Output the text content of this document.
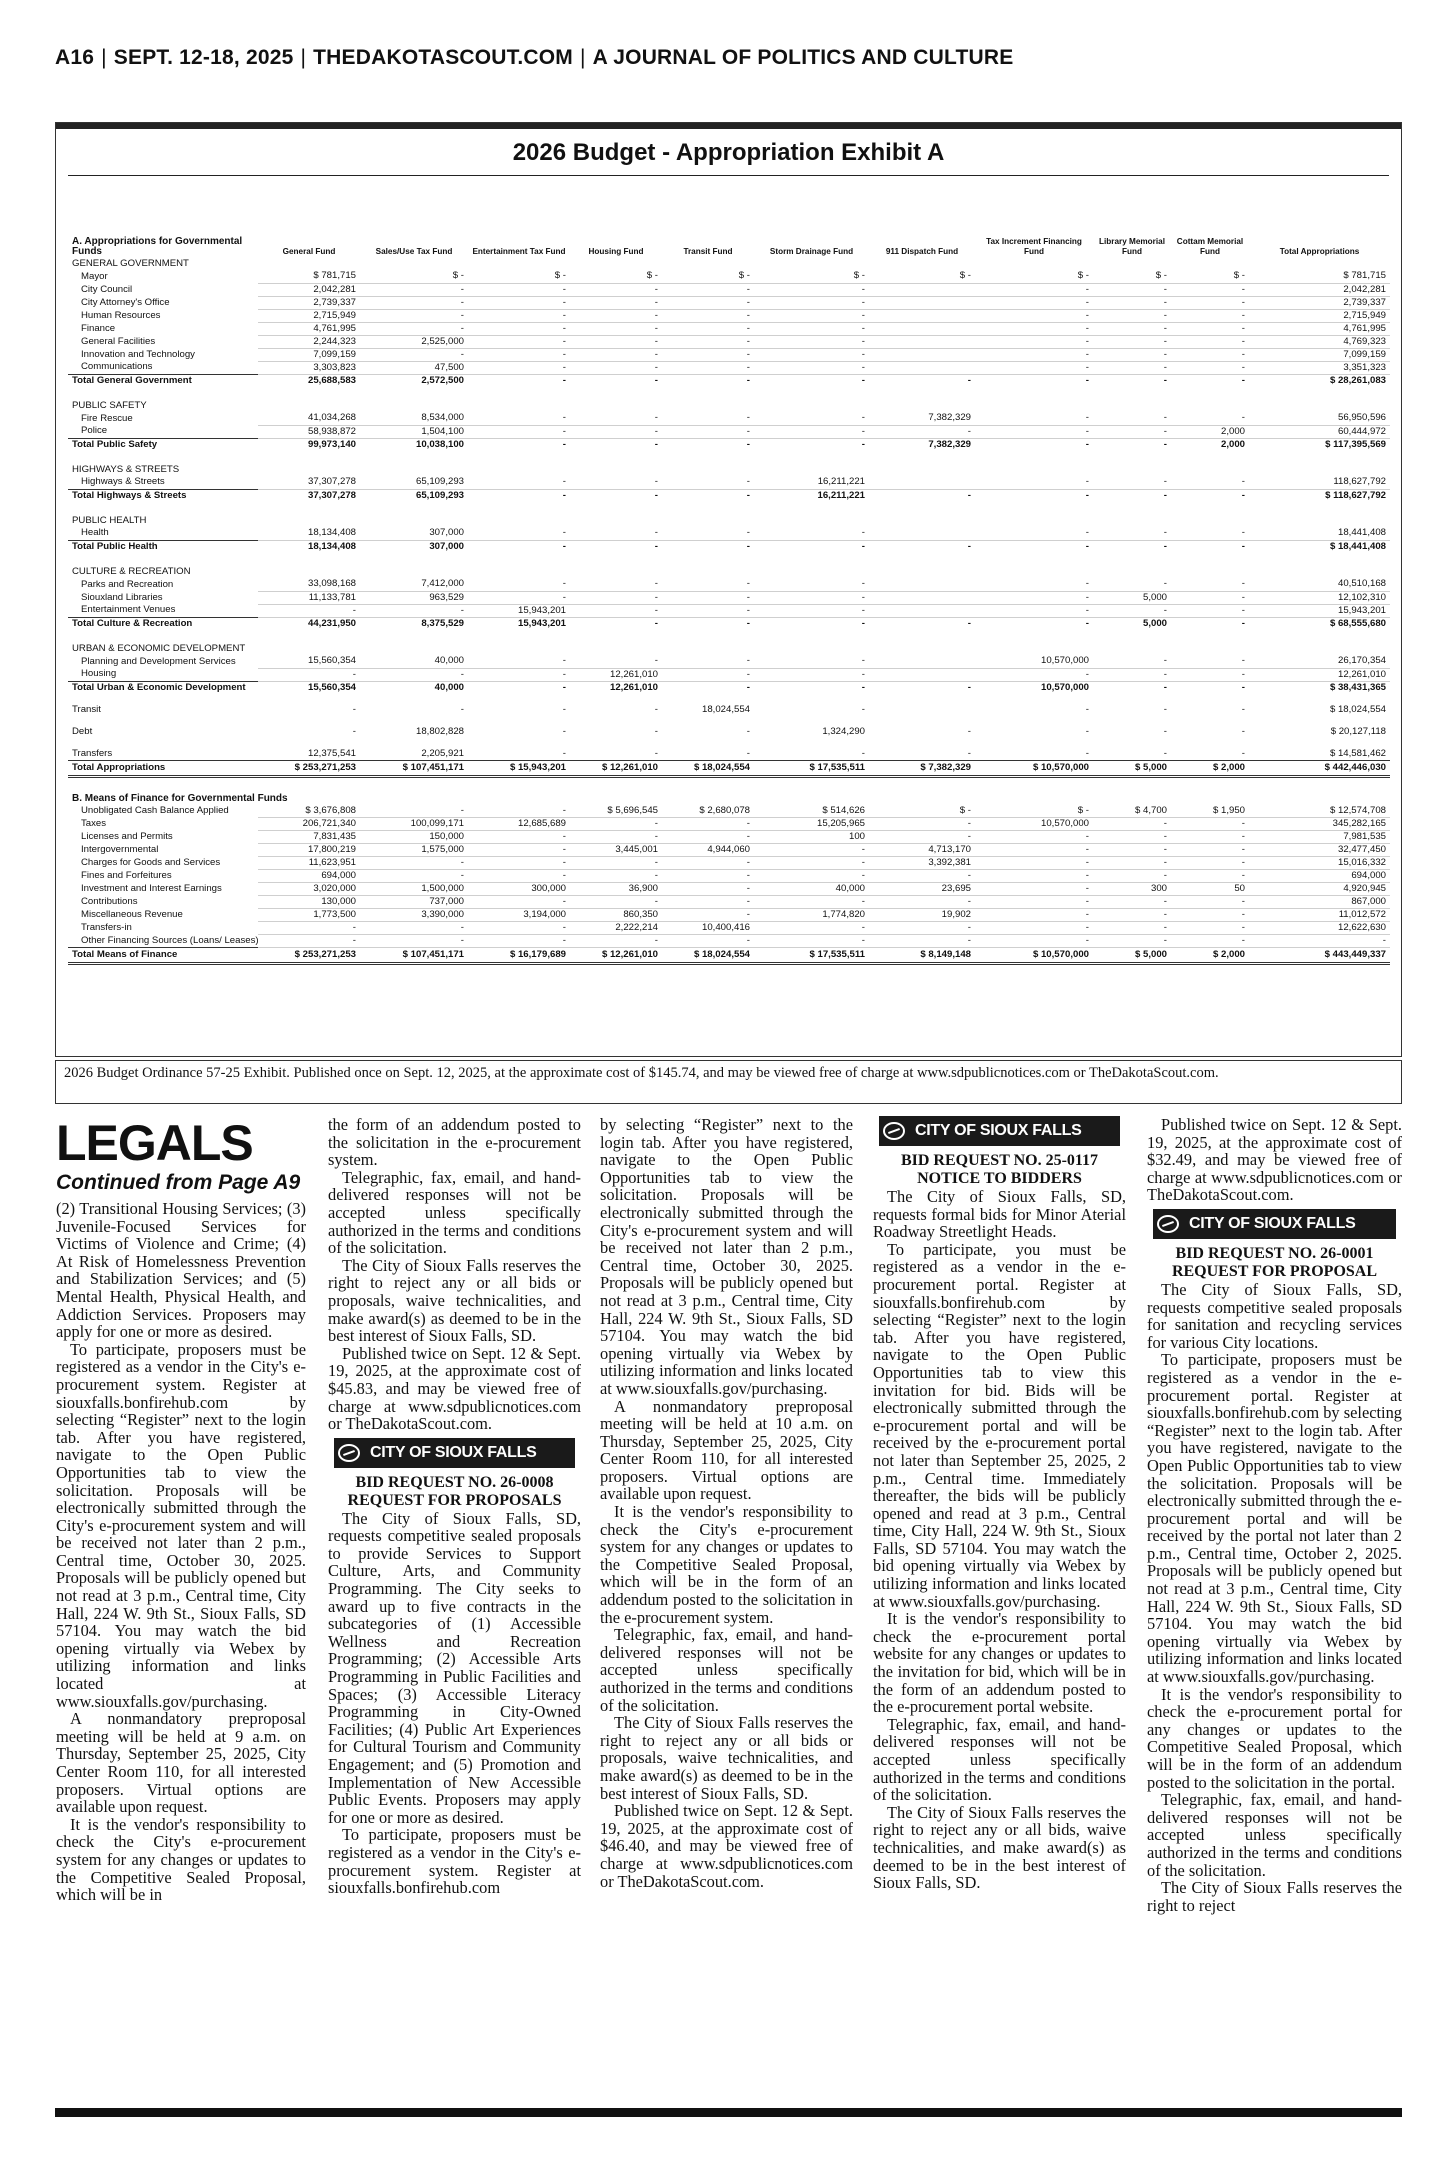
A16 | SEPT. 12-18, 2025 | THEDAKOTASCOUT.COM | A JOURNAL OF POLITICS AND CULTURE
2026 Budget - Appropriation Exhibit A
A. Appropriations for Governmental Funds	General Fund	Sales/Use Tax Fund	Entertainment Tax Fund	Housing Fund	Transit Fund	Storm Drainage Fund	911 Dispatch Fund	Tax Increment Financing Fund	Library Memorial Fund	Cottam Memorial Fund	Total Appropriations
GENERAL GOVERNMENT											
Mayor	$ 781,715	$ -	$ -	$ -	$ -	$ -	$ -	$ -	$ -	$ -	$ 781,715
City Council	2,042,281	-	-	-	-	-		-	-	-	2,042,281
City Attorney's Office	2,739,337	-	-	-	-	-		-	-	-	2,739,337
Human Resources	2,715,949	-	-	-	-	-		-	-	-	2,715,949
Finance	4,761,995	-	-	-	-	-		-	-	-	4,761,995
General Facilities	2,244,323	2,525,000	-	-	-	-		-	-	-	4,769,323
Innovation and Technology	7,099,159	-	-	-	-	-		-	-	-	7,099,159
Communications	3,303,823	47,500	-	-	-	-		-	-	-	3,351,323
Total General Government	25,688,583	2,572,500	-	-	-	-	-	-	-	-	$ 28,261,083

PUBLIC SAFETY											
Fire Rescue	41,034,268	8,534,000	-	-	-	-	7,382,329	-	-	-	56,950,596
Police	58,938,872	1,504,100	-	-	-	-	-	-	-	2,000	60,444,972
Total Public Safety	99,973,140	10,038,100	-	-	-	-	7,382,329	-	-	2,000	$ 117,395,569

HIGHWAYS & STREETS											
Highways & Streets	37,307,278	65,109,293	-	-	-	16,211,221		-	-	-	118,627,792
Total Highways & Streets	37,307,278	65,109,293	-	-	-	16,211,221	-	-	-	-	$ 118,627,792

PUBLIC HEALTH											
Health	18,134,408	307,000	-	-	-	-		-	-	-	18,441,408
Total Public Health	18,134,408	307,000	-	-	-	-	-	-	-	-	$ 18,441,408

CULTURE & RECREATION											
Parks and Recreation	33,098,168	7,412,000	-	-	-	-		-	-	-	40,510,168
Siouxland Libraries	11,133,781	963,529	-	-	-	-		-	5,000	-	12,102,310
Entertainment Venues	-	-	15,943,201	-	-	-		-	-	-	15,943,201
Total Culture & Recreation	44,231,950	8,375,529	15,943,201	-	-	-	-	-	5,000	-	$ 68,555,680

URBAN & ECONOMIC DEVELOPMENT											
Planning and Development Services	15,560,354	40,000	-	-	-	-		10,570,000	-	-	26,170,354
Housing	-	-	-	12,261,010	-	-		-	-	-	12,261,010
Total Urban & Economic Development	15,560,354	40,000	-	12,261,010	-	-	-	10,570,000	-	-	$ 38,431,365
Transit	-	-	-	-	18,024,554	-		-	-	-	$ 18,024,554
Debt	-	18,802,828	-	-	-	1,324,290	-	-	-	-	$ 20,127,118
Transfers	12,375,541	2,205,921	-	-	-	-	-	-	-	-	$ 14,581,462
Total Appropriations	$ 253,271,253	$ 107,451,171	$ 15,943,201	$ 12,261,010	$ 18,024,554	$ 17,535,511	$ 7,382,329	$ 10,570,000	$ 5,000	$ 2,000	$ 442,446,030

B. Means of Finance for Governmental Funds											
Unobligated Cash Balance Applied	$ 3,676,808	-	-	$ 5,696,545	$ 2,680,078	$ 514,626	$ -	$ -	$ 4,700	$ 1,950	$ 12,574,708
Taxes	206,721,340	100,099,171	12,685,689	-	-	15,205,965	-	10,570,000	-	-	345,282,165
Licenses and Permits	7,831,435	150,000	-	-	-	100	-	-	-	-	7,981,535
Intergovernmental	17,800,219	1,575,000	-	3,445,001	4,944,060	-	4,713,170	-	-	-	32,477,450
Charges for Goods and Services	11,623,951	-	-	-	-	-	3,392,381	-	-	-	15,016,332
Fines and Forfeitures	694,000	-	-	-	-	-	-	-	-	-	694,000
Investment and Interest Earnings	3,020,000	1,500,000	300,000	36,900	-	40,000	23,695	-	300	50	4,920,945
Contributions	130,000	737,000	-	-	-	-	-	-	-	-	867,000
Miscellaneous Revenue	1,773,500	3,390,000	3,194,000	860,350	-	1,774,820	19,902	-	-	-	11,012,572
Transfers-in	-	-	-	2,222,214	10,400,416	-	-	-	-	-	12,622,630
Other Financing Sources (Loans/ Leases)	-	-	-	-	-	-	-	-	-	-	-
Total Means of Finance	$ 253,271,253	$ 107,451,171	$ 16,179,689	$ 12,261,010	$ 18,024,554	$ 17,535,511	$ 8,149,148	$ 10,570,000	$ 5,000	$ 2,000	$ 443,449,337
2026 Budget Ordinance 57-25 Exhibit. Published once on Sept. 12, 2025, at the approximate cost of $145.74, and may be viewed free of charge at www.sdpublicnotices.com or TheDakotaScout.com.
LEGALS
Continued from Page A9

(2) Transitional Housing Services; (3) Juvenile-Focused Services for Victims of Violence and Crime; (4) At Risk of Homelessness Prevention and Stabilization Services; and (5) Mental Health, Physical Health, and Addiction Services. Proposers may apply for one or more as desired.

To participate, proposers must be registered as a vendor in the City's e-procurement system. Register at siouxfalls.bonfirehub.com by selecting “Register” next to the login tab. After you have registered, navigate to the Open Public Opportunities tab to view the solicitation. Proposals will be electronically submitted through the City's e-procurement system and will be received not later than 2 p.m., Central time, October 30, 2025. Proposals will be publicly opened but not read at 3 p.m., Central time, City Hall, 224 W. 9th St., Sioux Falls, SD 57104. You may watch the bid opening virtually via Webex by utilizing information and links located at www.siouxfalls.gov/purchasing.

A nonmandatory preproposal meeting will be held at 9 a.m. on Thursday, September 25, 2025, City Center Room 110, for all interested proposers. Virtual options are available upon request.

It is the vendor's responsibility to check the City's e-procurement system for any changes or updates to the Competitive Sealed Proposal, which will be in

the form of an addendum posted to the solicitation in the e-procurement system.

Telegraphic, fax, email, and hand-delivered responses will not be accepted unless specifically authorized in the terms and conditions of the solicitation.

The City of Sioux Falls reserves the right to reject any or all bids or proposals, waive technicalities, and make award(s) as deemed to be in the best interest of Sioux Falls, SD.

Published twice on Sept. 12 & Sept. 19, 2025, at the approximate cost of $45.83, and may be viewed free of charge at www.sdpublicnotices.com or TheDakotaScout.com.

CITY OF SIOUX FALLS
BID REQUEST NO. 26-0008
REQUEST FOR PROPOSALS

The City of Sioux Falls, SD, requests competitive sealed proposals to provide Services to Support Culture, Arts, and Community Programming. The City seeks to award up to five contracts in the subcategories of (1) Accessible Wellness and Recreation Programming; (2) Accessible Arts Programming in Public Facilities and Spaces; (3) Accessible Literacy Programming in City-Owned Facilities; (4) Public Art Experiences for Cultural Tourism and Community Engagement; and (5) Promotion and Implementation of New Accessible Public Events. Proposers may apply for one or more as desired.

To participate, proposers must be registered as a vendor in the City's e-procurement system. Register at siouxfalls.bonfirehub.com

by selecting “Register” next to the login tab. After you have registered, navigate to the Open Public Opportunities tab to view the solicitation. Proposals will be electronically submitted through the City's e-procurement system and will be received not later than 2 p.m., Central time, October 30, 2025. Proposals will be publicly opened but not read at 3 p.m., Central time, City Hall, 224 W. 9th St., Sioux Falls, SD 57104. You may watch the bid opening virtually via Webex by utilizing information and links located at www.siouxfalls.gov/purchasing.

A nonmandatory preproposal meeting will be held at 10 a.m. on Thursday, September 25, 2025, City Center Room 110, for all interested proposers. Virtual options are available upon request.

It is the vendor's responsibility to check the City's e-procurement system for any changes or updates to the Competitive Sealed Proposal, which will be in the form of an addendum posted to the solicitation in the e-procurement system.

Telegraphic, fax, email, and hand-delivered responses will not be accepted unless specifically authorized in the terms and conditions of the solicitation.

The City of Sioux Falls reserves the right to reject any or all bids or proposals, waive technicalities, and make award(s) as deemed to be in the best interest of Sioux Falls, SD.

Published twice on Sept. 12 & Sept. 19, 2025, at the approximate cost of $46.40, and may be viewed free of charge at www.sdpublicnotices.com or TheDakotaScout.com.

CITY OF SIOUX FALLS
BID REQUEST NO. 25-0117
NOTICE TO BIDDERS

The City of Sioux Falls, SD, requests formal bids for Minor Aterial Roadway Streetlight Heads.

To participate, you must be registered as a vendor in the e-procurement portal. Register at siouxfalls.bonfirehub.com by selecting “Register” next to the login tab. After you have registered, navigate to the Open Public Opportunities tab to view this invitation for bid. Bids will be electronically submitted through the e-procurement portal and will be received by the e-procurement portal not later than September 25, 2025, 2 p.m., Central time. Immediately thereafter, the bids will be publicly opened and read at 3 p.m., Central time, City Hall, 224 W. 9th St., Sioux Falls, SD 57104. You may watch the bid opening virtually via Webex by utilizing information and links located at www.siouxfalls.gov/purchasing.

It is the vendor's responsibility to check the e-procurement portal website for any changes or updates to the invitation for bid, which will be in the form of an addendum posted to the e-procurement portal website.

Telegraphic, fax, email, and hand-delivered responses will not be accepted unless specifically authorized in the terms and conditions of the solicitation.

The City of Sioux Falls reserves the right to reject any or all bids, waive technicalities, and make award(s) as deemed to be in the best interest of Sioux Falls, SD.

Published twice on Sept. 12 & Sept. 19, 2025, at the approximate cost of $32.49, and may be viewed free of charge at www.sdpublicnotices.com or TheDakotaScout.com.

CITY OF SIOUX FALLS
BID REQUEST NO. 26-0001
REQUEST FOR PROPOSAL

The City of Sioux Falls, SD, requests competitive sealed proposals for sanitation and recycling services for various City locations.

To participate, proposers must be registered as a vendor in the e-procurement portal. Register at siouxfalls.bonfirehub.com by selecting “Register” next to the login tab. After you have registered, navigate to the Open Public Opportunities tab to view the solicitation. Proposals will be electronically submitted through the e-procurement portal and will be received by the portal not later than 2 p.m., Central time, October 2, 2025. Proposals will be publicly opened but not read at 3 p.m., Central time, City Hall, 224 W. 9th St., Sioux Falls, SD 57104. You may watch the bid opening virtually via Webex by utilizing information and links located at www.siouxfalls.gov/purchasing.

It is the vendor's responsibility to check the e-procurement portal for any changes or updates to the Competitive Sealed Proposal, which will be in the form of an addendum posted to the solicitation in the portal.

Telegraphic, fax, email, and hand-delivered responses will not be accepted unless specifically authorized in the terms and conditions of the solicitation.

The City of Sioux Falls reserves the right to reject
